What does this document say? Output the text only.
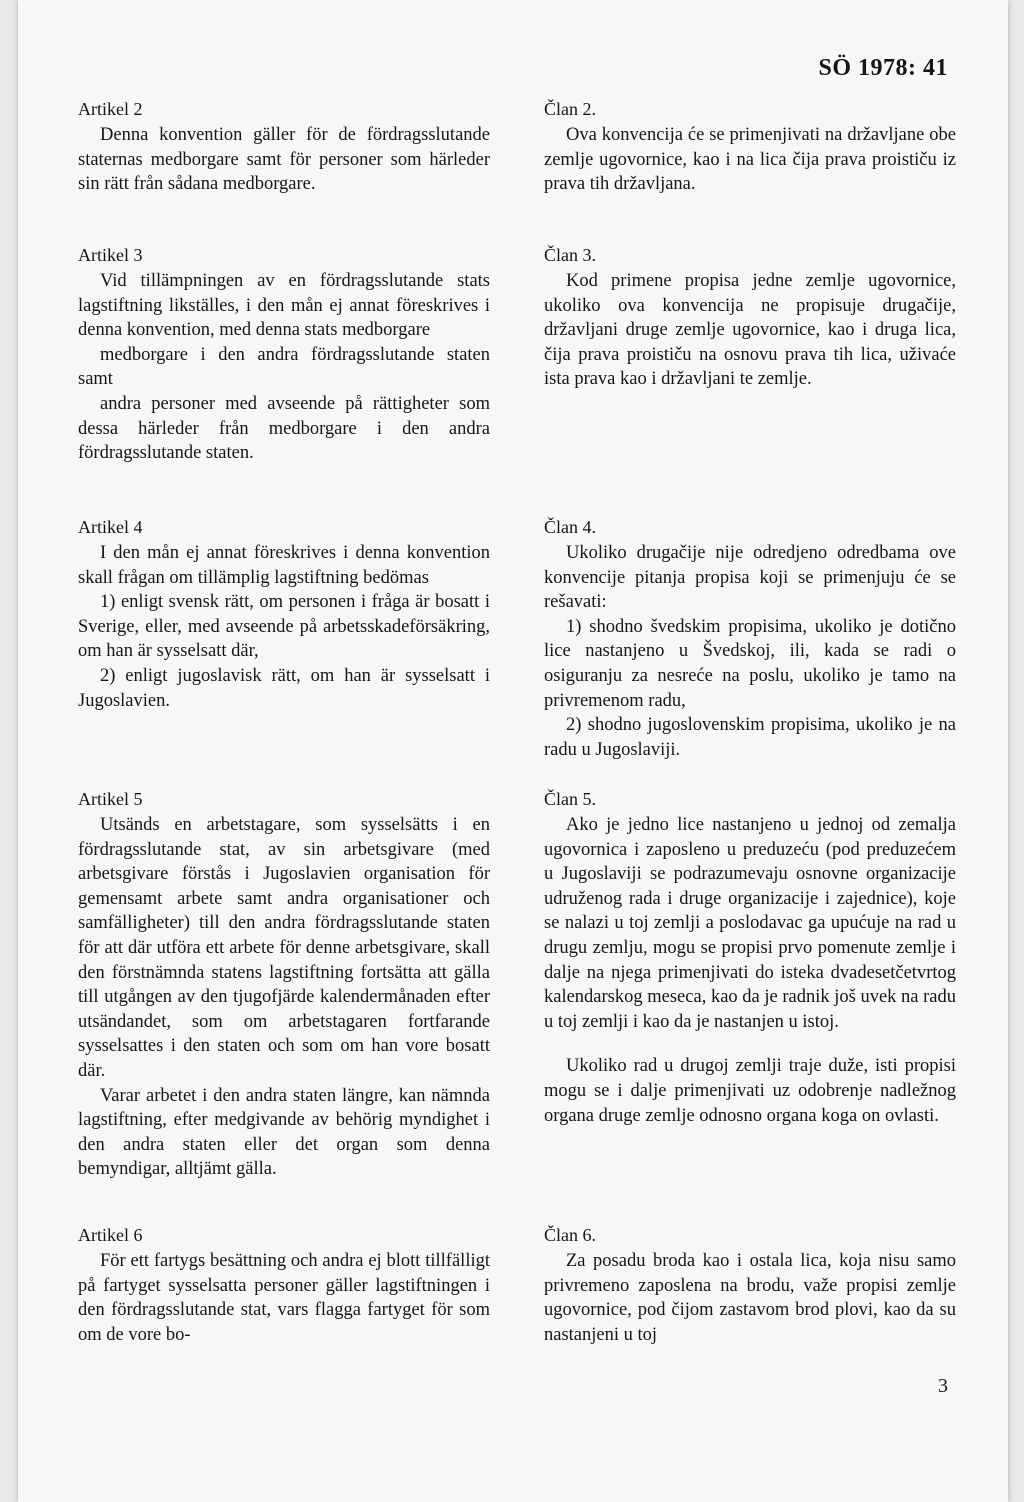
SÖ 1978: 41
Artikel 2

Denna konvention gäller för de fördragsslutande staternas medborgare samt för personer som härleder sin rätt från sådana medborgare.

Artikel 3

Vid tillämpningen av en fördragsslutande stats lagstiftning likställes, i den mån ej annat föreskrives i denna konvention, med denna stats medborgare

medborgare i den andra fördragsslutande staten samt

andra personer med avseende på rättigheter som dessa härleder från medborgare i den andra fördragsslutande staten.

Artikel 4

I den mån ej annat föreskrives i denna konvention skall frågan om tillämplig lagstiftning bedömas

1) enligt svensk rätt, om personen i fråga är bosatt i Sverige, eller, med avseende på arbetsskadeförsäkring, om han är sysselsatt där,

2) enligt jugoslavisk rätt, om han är sysselsatt i Jugoslavien.

Artikel 5

Utsänds en arbetstagare, som sysselsätts i en fördragsslutande stat, av sin arbetsgivare (med arbetsgivare förstås i Jugoslavien organisation för gemensamt arbete samt andra organisationer och samfälligheter) till den andra fördragsslutande staten för att där utföra ett arbete för denne arbetsgivare, skall den förstnämnda statens lagstiftning fortsätta att gälla till utgången av den tjugofjärde kalendermånaden efter utsändandet, som om arbetstagaren fortfarande sysselsattes i den staten och som om han vore bosatt där.

Varar arbetet i den andra staten längre, kan nämnda lagstiftning, efter medgivande av behörig myndighet i den andra staten eller det organ som denna bemyndigar, alltjämt gälla.

Artikel 6

För ett fartygs besättning och andra ej blott tillfälligt på fartyget sysselsatta personer gäller lagstiftningen i den fördragsslutande stat, vars flagga fartyget för som om de vore bo-

Član 2.

Ova konvencija će se primenjivati na državljane obe zemlje ugovornice, kao i na lica čija prava proističu iz prava tih državljana.

Član 3.

Kod primene propisa jedne zemlje ugovornice, ukoliko ova konvencija ne propisuje drugačije, državljani druge zemlje ugovornice, kao i druga lica, čija prava proističu na osnovu prava tih lica, uživaće ista prava kao i državljani te zemlje.

Član 4.

Ukoliko drugačije nije odredjeno odredbama ove konvencije pitanja propisa koji se primenjuju će se rešavati:

1) shodno švedskim propisima, ukoliko je dotično lice nastanjeno u Švedskoj, ili, kada se radi o osiguranju za nesreće na poslu, ukoliko je tamo na privremenom radu,

2) shodno jugoslovenskim propisima, ukoliko je na radu u Jugoslaviji.

Član 5.

Ako je jedno lice nastanjeno u jednoj od zemalja ugovornica i zaposleno u preduzeću (pod preduzećem u Jugoslaviji se podrazumevaju osnovne organizacije udruženog rada i druge organizacije i zajednice), koje se nalazi u toj zemlji a poslodavac ga upućuje na rad u drugu zemlju, mogu se propisi prvo pomenute zemlje i dalje na njega primenjivati do isteka dvadesetčetvrtog kalendarskog meseca, kao da je radnik još uvek na radu u toj zemlji i kao da je nastanjen u istoj.

Ukoliko rad u drugoj zemlji traje duže, isti propisi mogu se i dalje primenjivati uz odobrenje nadležnog organa druge zemlje odnosno organa koga on ovlasti.

Član 6.

Za posadu broda kao i ostala lica, koja nisu samo privremeno zaposlena na brodu, važe propisi zemlje ugovornice, pod čijom zastavom brod plovi, kao da su nastanjeni u toj

3
